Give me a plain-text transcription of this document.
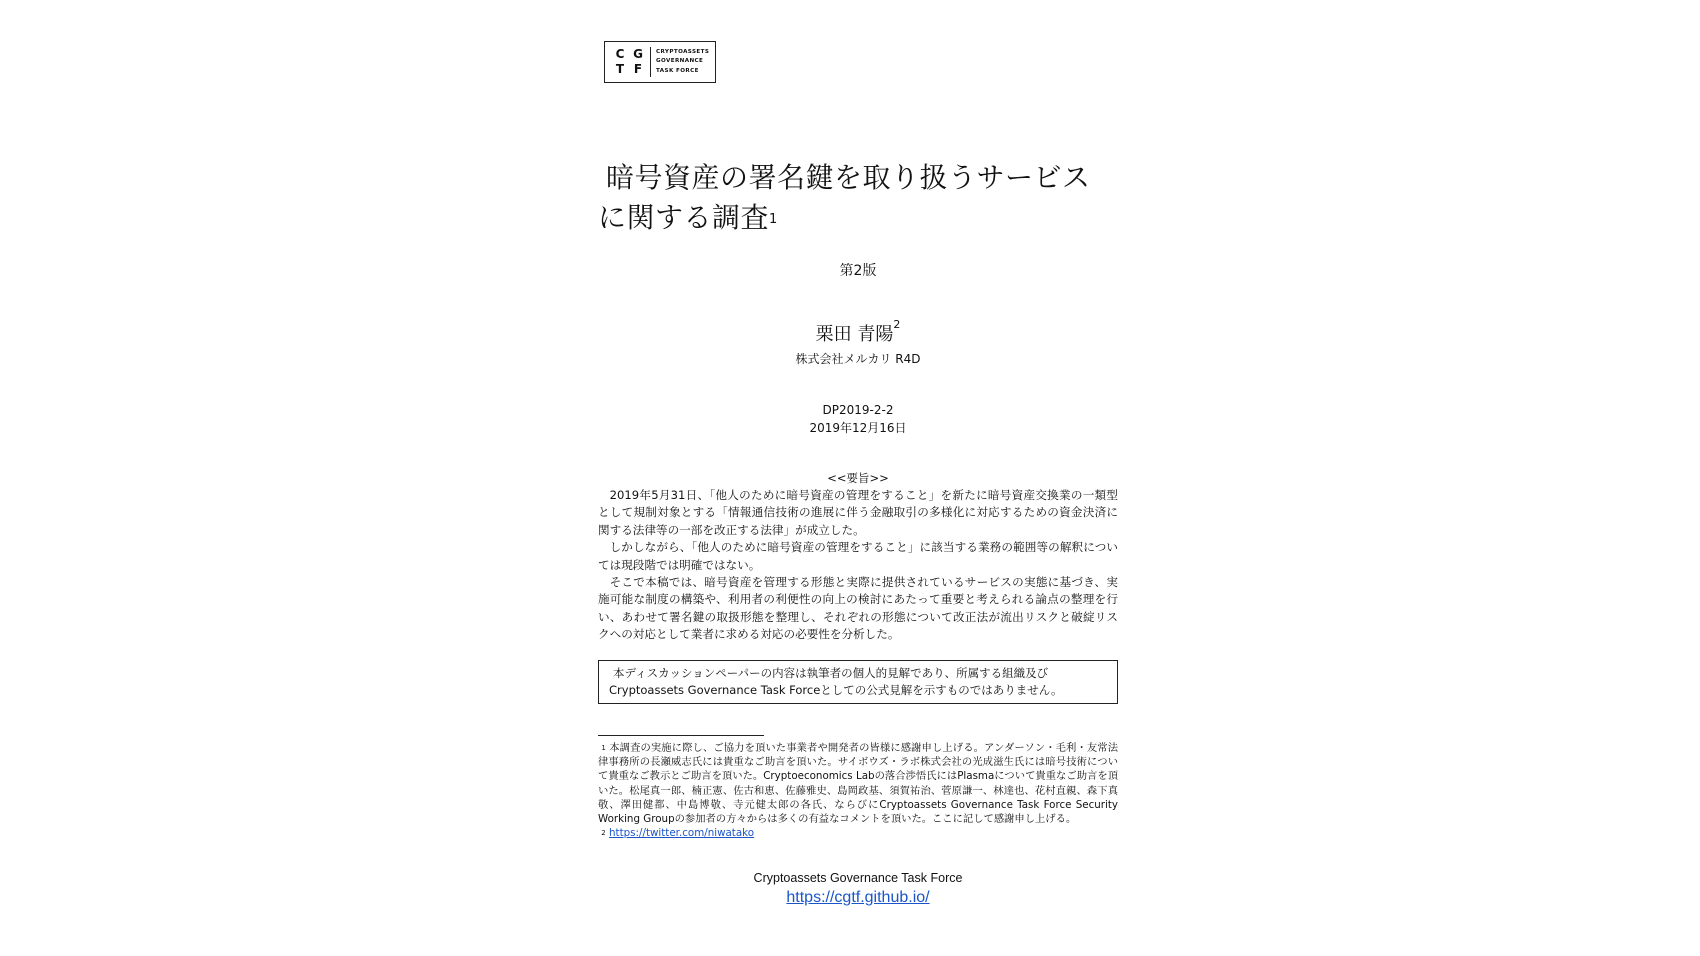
C G
T F
CRYPTOASSETS
GOVERNANCE
TASK FORCE
暗号資産の署名鍵を取り扱うサービス
に関する調査$^1$
第2版
栗田 青陽$^2$
株式会社メルカリ R4D
DP2019-2-2
2019年12月16日
<<要旨>>

2019年5月31日、「他人のために暗号資産の管理をすること」を新たに暗号資産交換業の一類型として規制対象とする「情報通信技術の進展に伴う金融取引の多様化に対応するための資金決済に関する法律等の一部を改正する法律」が成立した。

しかしながら、「他人のために暗号資産の管理をすること」に該当する業務の範囲等の解釈については現段階では明確ではない。

そこで本稿では、暗号資産を管理する形態と実際に提供されているサービスの実態に基づき、実施可能な制度の構築や、利用者の利便性の向上の検討にあたって重要と考えられる論点の整理を行い、あわせて署名鍵の取扱形態を整理し、それぞれの形態について改正法が流出リスクと破綻リスクへの対応として業者に求める対応の必要性を分析した。

本ディスカッションペーパーの内容は執筆者の個人的見解であり、所属する組織及び
Cryptoassets Governance Task Forceとしての公式見解を示すものではありません。

$^1$ 本調査の実施に際し、ご協力を頂いた事業者や開発者の皆様に感謝申し上げる。アンダーソン・毛利・友常法律事務所の長瀬威志氏には貴重なご助言を頂いた。サイボウズ・ラボ株式会社の光成滋生氏には暗号技術について貴重なご教示とご助言を頂いた。Cryptoeconomics Labの落合渉悟氏にはPlasmaについて貴重なご助言を頂いた。松尾真一郎、楠正憲、佐古和恵、佐藤雅史、島岡政基、須賀祐治、菅原謙一、林達也、花村直親、森下真敬、澤田健都、中島博敬、寺元健太郎の各氏、ならびにCryptoassets Governance Task Force Security Working Groupの参加者の方々からは多くの有益なコメントを頂いた。ここに記して感謝申し上げる。

$^2$ https://twitter.com/niwatako

Cryptoassets Governance Task Force
https://cgtf.github.io/
